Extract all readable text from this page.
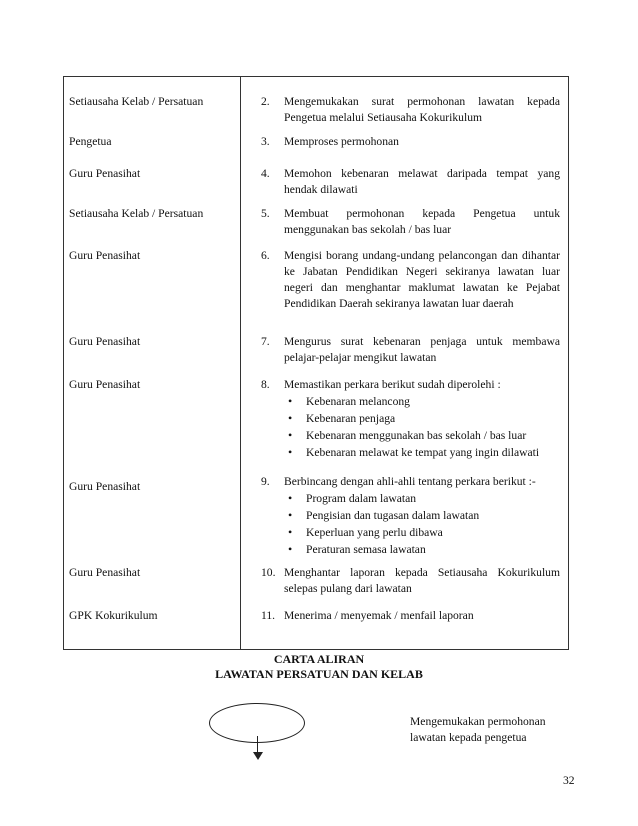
Setiausaha Kelab / Persatuan	2.	Mengemukakan surat permohonan lawatan kepada Pengetua melalui Setiausaha Kokurikulum
Pengetua	3.	Memproses permohonan
Guru Penasihat	4.	Memohon kebenaran melawat daripada tempat yang hendak dilawati
Setiausaha Kelab / Persatuan	5.	Membuat permohonan kepada Pengetua untuk menggunakan bas sekolah / bas luar
Guru Penasihat	6.	Mengisi borang undang-undang pelancongan dan dihantar ke Jabatan Pendidikan Negeri sekiranya lawatan luar negeri dan menghantar maklumat lawatan ke Pejabat Pendidikan Daerah sekiranya lawatan luar daerah
Guru Penasihat	7.	Mengurus surat kebenaran penjaga untuk membawa pelajar-pelajar mengikut lawatan
Guru Penasihat	8.	Memastikan perkara berikut sudah diperolehi :
• Kebenaran melancong
• Kebenaran penjaga
• Kebenaran menggunakan bas sekolah / bas luar
• Kebenaran melawat ke tempat yang ingin dilawati
Guru Penasihat	9.	Berbincang dengan ahli-ahli tentang perkara berikut :-
• Program dalam lawatan
• Pengisian dan tugasan dalam lawatan
• Keperluan yang perlu dibawa
• Peraturan semasa lawatan
Guru Penasihat	10. Menghantar laporan kepada Setiausaha Kokurikulum selepas pulang dari lawatan
GPK Kokurikulum	11. Menerima / menyemak / menfail laporan
CARTA ALIRAN
LAWATAN PERSATUAN DAN KELAB
Mengemukakan permohonan
lawatan kepada pengetua
32
